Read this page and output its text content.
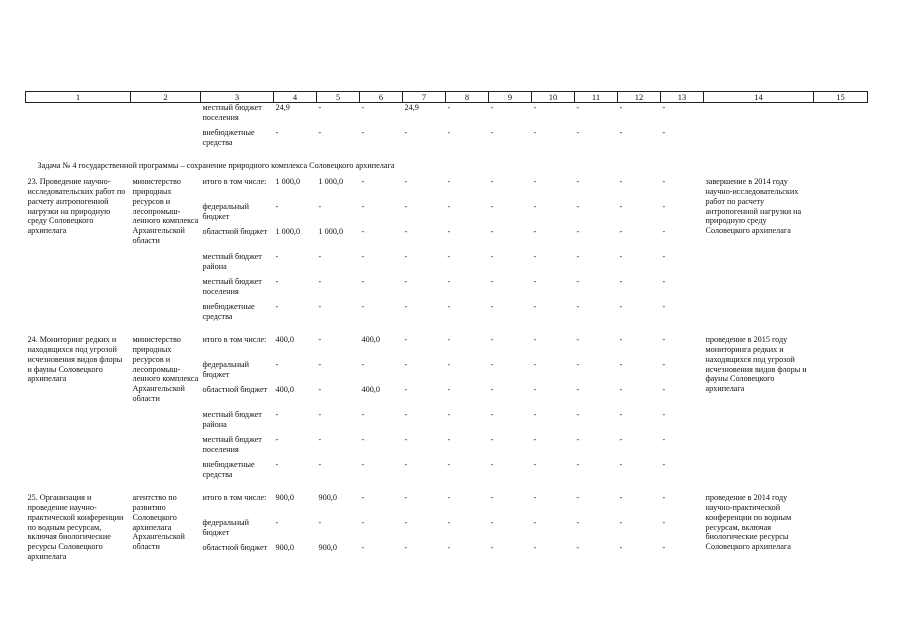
1	2	3	4	5	6	7	8	9	10	11	12	13	14	15
		местный бюджет поселения	24,9	-	-	24,9	-	-	-	-	-	-		
		внебюджетные средства	-	-	-	-	-	-	-	-	-	-		
Задача № 4 государственной программы – сохранение природного комплекса Соловецкого архипелага														
23. Проведение научно-исследовательских работ по расчету антропогенной нагрузки на природную среду Соловецкого архипелага	министерство природных ресурсов и лесопромыш-ленного комплекса Архангельской области	итого в том числе:	1 000,0	1 000,0	-	-	-	-	-	-	-	-	завершение в 2014 году научно-исследовательских работ по расчету антропогенной нагрузки на природную среду Соловецкого архипелага	
		федеральный бюджет	-	-	-	-	-	-	-	-	-	-		
		областной бюджет	1 000,0	1 000,0	-	-	-	-	-	-	-	-		
		местный бюджет района	-	-	-	-	-	-	-	-	-	-		
		местный бюджет поселения	-	-	-	-	-	-	-	-	-	-		
		внебюджетные средства	-	-	-	-	-	-	-	-	-	-		

24. Мониторинг редких и находящихся под угрозой исчезновения видов флоры и фауны Соловецкого архипелага	министерство природных ресурсов и лесопромыш-ленного комплекса Архангельской области	итого в том числе:	400,0	-	400,0	-	-	-	-	-	-	-	проведение в 2015 году мониторинга редких и находящихся под угрозой исчезновения видов флоры и фауны Соловецкого архипелага	
		федеральный бюджет	-	-	-	-	-	-	-	-	-	-		
		областной бюджет	400,0	-	400,0	-	-	-	-	-	-	-		
		местный бюджет района	-	-	-	-	-	-	-	-	-	-		
		местный бюджет поселения	-	-	-	-	-	-	-	-	-	-		
		внебюджетные средства	-	-	-	-	-	-	-	-	-	-		

25. Организация и проведение научно-практической конференции по водным ресурсам, включая биологические ресурсы Соловецкого архипелага	агентство по развитию Соловецкого архипелага Архангельской области	итого в том числе:	900,0	900,0	-	-	-	-	-	-	-	-	проведение в 2014 году научно-практической конференции по водным ресурсам, включая биологические ресурсы Соловецкого архипелага	
		федеральный бюджет	-	-	-	-	-	-	-	-	-	-		
		областной бюджет	900,0	900,0	-	-	-	-	-	-	-	-		
